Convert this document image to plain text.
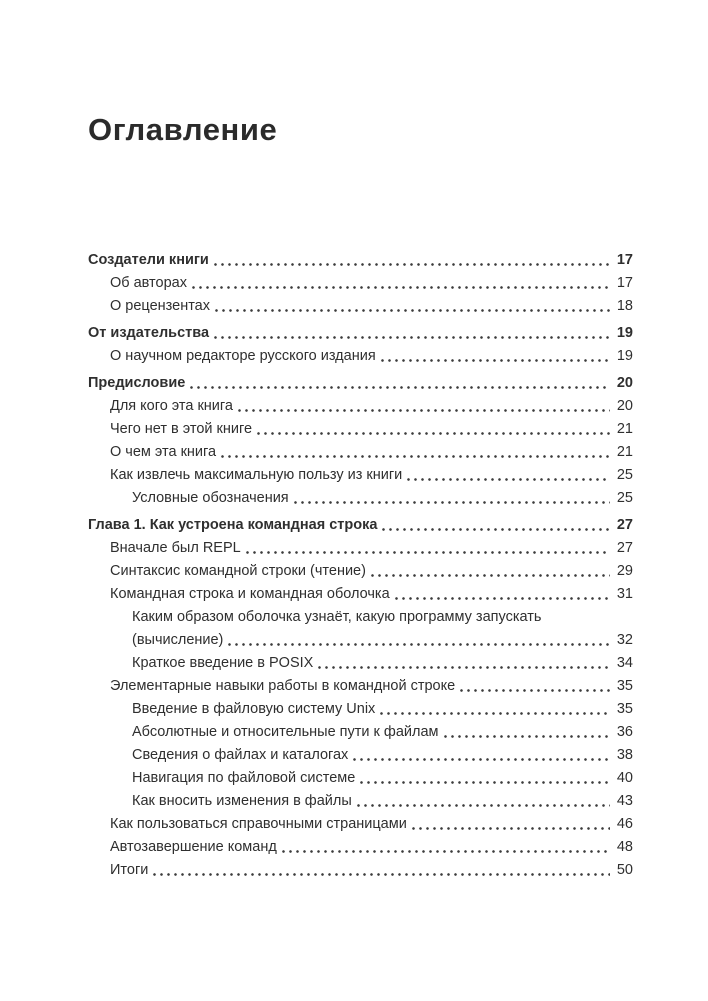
Оглавление
Создатели книги	17
Об авторах	17
О рецензентах	18
От издательства	19
О научном редакторе русского издания	19
Предисловие	20
Для кого эта книга	20
Чего нет в этой книге	21
О чем эта книга	21
Как извлечь максимальную пользу из книги	25
Условные обозначения	25
Глава 1. Как устроена командная строка	27
Вначале был REPL	27
Синтаксис командной строки (чтение)	29
Командная строка и командная оболочка	31
Каким образом оболочка узнаёт, какую программу запускать
(вычисление)	32
Краткое введение в POSIX	34
Элементарные навыки работы в командной строке	35
Введение в файловую систему Unix	35
Абсолютные и относительные пути к файлам	36
Сведения о файлах и каталогах	38
Навигация по файловой системе	40
Как вносить изменения в файлы	43
Как пользоваться справочными страницами	46
Автозавершение команд	48
Итоги	50
